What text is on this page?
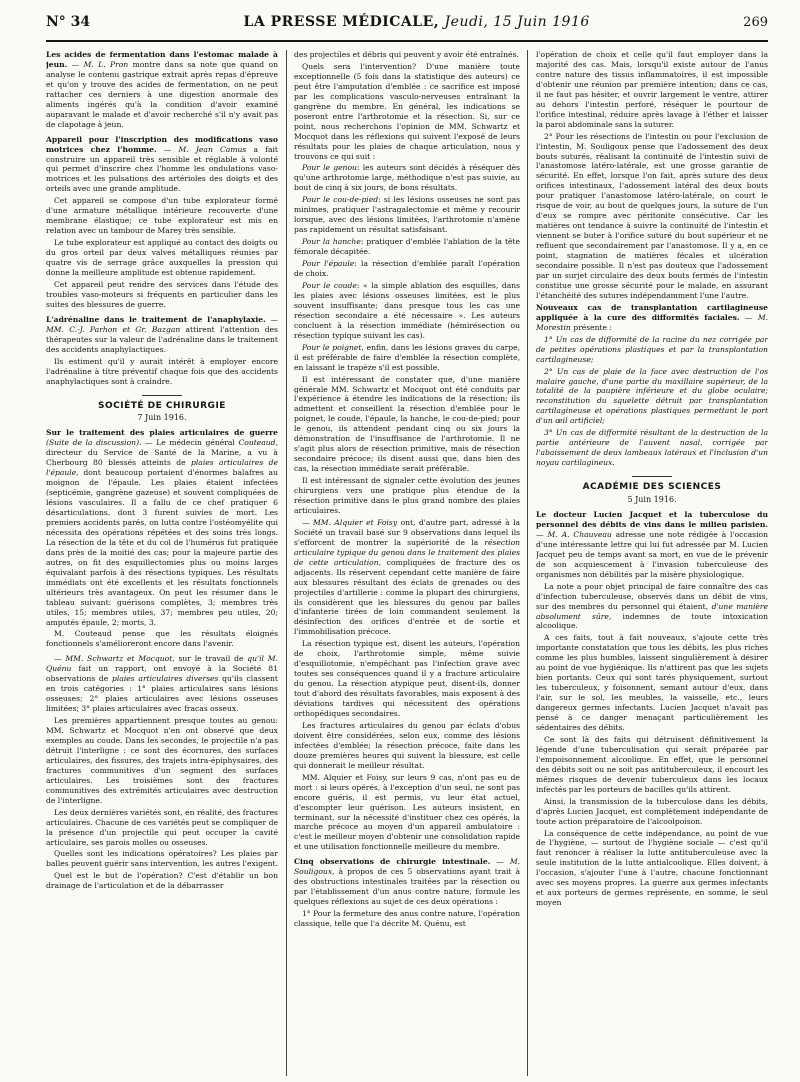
N° 34	LA PRESSE MÉDICALE, Jeudi, 15 Juin 1916	269

Les acides de fermentation dans l'estomac malade à jeun. — M. L. Pron montre dans sa note que quand on analyse le contenu gastrique extrait après repas d'épreuve et qu'on y trouve des acides de fermentation, on ne peut rattacher ces derniers à une digestion anormale des aliments ingérés qu'à la condition d'avoir examiné auparavant le malade et d'avoir recherché s'il n'y avait pas de clapotage à jeun.

Appareil pour l'inscription des modifications vaso motrices chez l'homme. — M. Jean Camus a fait construire un appareil très sensible et réglable à volonté qui permet d'inscrire chez l'homme les ondulations vaso-motrices et les pulsations des artérioles des doigts et des orteils avec une grande amplitude.

Cet appareil se compose d'un tube explorateur formé d'une armature métallique intérieure recouverte d'une membrane élastique; ce tube explorateur est mis en relation avec un tambour de Marey très sensible.

Le tube explorateur est appliqué au contact des doigts ou du gros orteil par deux valves métalliques réunies par quatre vis de serrage grâce auxquelles la pression qui donne la meilleure amplitude est obtenue rapidement.

Cet appareil peut rendre des services dans l'étude des troubles vaso-moteurs si fréquents en particulier dans les suites des blessures de guerre.

L'adrénaline dans le traitement de l'anaphylaxie. — MM. C.-J. Parhon et Gr. Bazgan attirent l'attention des thérapeutes sur la valeur de l'adrénaline dans le traitement des accidents anaphylactiques.

Ils estiment qu'il y aurait intérêt à employer encore l'adrénaline à titre préventif chaque fois que des accidents anaphylactiques sont à craindre.

SOCIÉTÉ DE CHIRURGIE
7 Juin 1916.

Sur le traitement des plaies articulaires de guerre (Suite de la discussion). — Le médecin général Couteaud, directeur du Service de Santé de la Marine, a vu à Cherbourg 80 blessés atteints de plaies articulaires de l'épaule, dont beaucoup portaient d'énormes balafres au moignon de l'épaule. Les plaies étaient infectées (septicémie, gangrène gazeuse) et souvent compliquées de lésions vasculaires. Il a fallu de ce chef pratiquer 6 désarticulations, dont 3 furent suivies de mort. Les premiers accidents parés, on lutta contre l'ostéomyélite qui nécessita des opérations répétées et des soins très longs. La résection de la tête et du col de l'humérus fut pratiquée dans près de la moitié des cas; pour la majeure partie des autres, on fit des esquillectomies plus ou moins larges équivalant parfois à des résections typiques. Les résultats immédiats ont été excellents et les résultats fonctionnels ultérieurs très avantageux. On peut les résumer dans le tableau suivant: guérisons complètes, 3; membres très utiles, 15; membres utiles, 37; membres peu utiles, 20; amputés épaule, 2; morts, 3.

M. Couteaud pense que les résultats éloignés fonctionnels s'amélioreront encore dans l'avenir.

— MM. Schwartz et Mocquot, sur le travail de qu'il M. Quénu fait un rapport, ont envoyé à la Société 81 observations de plaies articulaires diverses qu'ils classent en trois catégories : 1° plaies articulaires sans lésions osseuses; 2° plaies articulaires avec lésions osseuses limitées; 3° plaies articulaires avec fracas osseux.

Les premières appartiennent presque toutes au genou: MM. Schwartz et Mocquot n'en ont observé que deux exemples au coude. Dans les secondes, le projectile n'a pas détruit l'interligne : ce sont des écornures, des surfaces articulaires, des fissures, des trajets intra-épiphysaires, des fractures communitives d'un segment des surfaces articulaires. Les troisièmes sont des fractures communitives des extrémités articulaires avec destruction de l'interligne.

Les deux dernières variétés sont, en réalité, des fractures articulaires. Chacune de ces variétés peut se compliquer de la présence d'un projectile qui peut occuper la cavité articulaire, ses parois molles ou osseuses.

Quelles sont les indications opératoires? Les plaies par balles peuvent guérir sans intervention, les autres l'exigent.

Quel est le but de l'opération? C'est d'établir un bon drainage de l'articulation et de la débarrasser

des projectiles et débris qui peuvent y avoir été entraînés.

Quels sera l'intervention? D'une manière toute exceptionnelle (5 fois dans la statistique des auteurs) ce peut être l'amputation d'emblée : ce sacrifice est imposé par les complications vasculo-nerveuses entraînant la gangrène du membre. En général, les indications se poseront entre l'arthrotomie et la résection. Si, sur ce point, nous recherchons l'opinion de MM. Schwartz et Mocquot dans les réflexions qui suivent l'exposé de leurs résultats pour les plaies de chaque articulation, nous y trouvons ce qui suit :

Pour le genou: les auteurs sont décidés à réséquer dès qu'une arthrotomie large, méthodique n'est pas suivie, au bout de cinq à six jours, de bons résultats.

Pour le cou-de-pied: si les lésions osseuses ne sont pas minimes, pratiquer l'astragalectomie et même y recourir lorsque, avec des lésions limitées, l'arthrotomie n'amène pas rapidement un résultat satisfaisant.

Pour la hanche: pratiquer d'emblée l'ablation de la tête fémorale décapitée.

Pour l'épaule: la résection d'emblée paraît l'opération de choix.

Pour le coude: « la simple ablation des esquilles, dans les plaies avec lésions osseuses limitées, est le plus souvent insuffisante; dans presque tous les cas une résection secondaire a été nécessaire ». Les auteurs concluent à la résection immédiate (hémirésection ou résection typique suivant les cas).

Pour le poignet, enfin, dans les lésions graves du carpe, il est préférable de faire d'emblée la résection complète, en laissant le trapèze s'il est possible.

Il est intéressant de constater que, d'une manière générale MM. Schwartz et Mocquot ont été conduits par l'expérience à étendre les indications de la résection; ils admettent et conseillent la résection d'emblée pour le poignet, le coude, l'épaule, la hanche, le cou-de-pied; pour le genou, ils attendent pendant cinq ou six jours la démonstration de l'insuffisance de l'arthrotomie. Il ne s'agit plus alors de résection primitive, mais de résection secondaire précoce; ils disent aussi que, dans bien des cas, la résection immédiate serait préférable.

Il est intéressant de signaler cette évolution des jeunes chirurgiens vers une pratique plus étendue de la résection primitive dans le plus grand nombre des plaies articulaires.

— MM. Alquier et Foisy ont, d'autre part, adressé à la Société un travail basé sur 9 observations dans lequel ils s'efforcent de montrer la supériorité de la résection articulaire typique du genou dans le traitement des plaies de cette articulation, compliquées de fracture des os adjacents. Ils réservent cependant cette manière de faire aux blessures résultant des éclats de grenades ou des projectiles d'artillerie : comme la plupart des chirurgiens, ils considèrent que les blessures du genou par balles d'infanterie tirées de loin commandent seulement la désinfection des orifices d'entrée et de sortie et l'immobilisation précoce.

La résection typique est, disent les auteurs, l'opération de choix, l'arthrotomie simple, même suivie d'esquillotomie, n'empêchant pas l'infection grave avec toutes ses conséquences quand il y a fracture articulaire du genou. La résection atypique peut, disent-ils, donner tout d'abord des résultats favorables, mais exposent à des déviations tardives qui nécessitent des opérations orthopédiques secondaires.

Les fractures articulaires du genou par éclats d'obus doivent être considérées, selon eux, comme des lésions infectées d'emblée; la résection précoce, faite dans les douze premières heures qui suivent la blessure, est celle qui donnerait le meilleur résultat.

MM. Alquier et Foisy, sur leurs 9 cas, n'ont pas eu de mort : si leurs opérés, à l'exception d'un seul, ne sont pas encore guéris, il est permis, vu leur état actuel, d'escompter leur guérison. Les auteurs insistent, en terminant, sur la nécessité d'instituer chez ces opérés, la marche précoce au moyen d'un appareil ambulatoire : c'est le meilleur moyen d'obtenir une consolidation rapide et une utilisation fonctionnelle meilleure du membre.

Cinq observations de chirurgie intestinale. — M. Souligoux, à propos de ces 5 observations ayant trait à des obstructions intestinales traitées par la résection ou par l'établissement d'un anus contre nature, formule les quelques réflexions au sujet de ces deux opérations :

1° Pour la fermeture des anus contre nature, l'opération classique, telle que l'a décrite M. Quénu, est

l'opération de choix et celle qu'il faut employer dans la majorité des cas. Mais, lorsqu'il existe autour de l'anus contre nature des tissus inflammatoires, il est impossible d'obtenir une réunion par première intention; dans ce cas, il ne faut pas hésiter, et ouvrir largement le ventre, attirer au dehors l'intestin perforé, réséquer le pourtour de l'orifice intestinal, réduire après lavage à l'éther et laisser la paroi abdominale sans la suturer.

2° Pour les résections de l'intestin ou pour l'exclusion de l'intestin, M. Souligoux pense que l'adossement des deux bouts suturés, réalisant la continuité de l'intestin suivi de l'anastomose latéro-latérale, est une grosse garantie de sécurité. En effet, lorsque l'on fait, après suture des deux orifices intestinaux, l'adossement latéral des deux bouts pour pratiquer l'anastomose latéro-latérale, on court le risque de voir, au bout de quelques jours, la suture de l'un d'eux se rompre avec péritonite consécutive. Car les matières ont tendance à suivre la continuité de l'intestin et viennent se buter à l'orifice suturé du bout supérieur et ne refluent que secondairement par l'anastomose. Il y a, en ce point, stagnation de matières fécales et ulcération secondaire possible. Il n'est pas douteux que l'adossement par un surjet circulaire des deux bouts fermés de l'intestin constitue une grosse sécurité pour le malade, en assurant l'étanchéité des sutures indépendamment l'une l'autre.

Nouveaux cas de transplantation cartilagineuse appliquée à la cure des difformités faciales. — M. Morestin présente :

1° Un cas de difformité de la racine du nez corrigée par de petites opérations plastiques et par la transplantation cartilagineuse;

2° Un cas de plaie de la face avec destruction de l'os malaire gauche, d'une partie du maxillaire supérieur, de la totalité de la paupière inférieure et du globe oculaire; reconstitution du squelette détruit par transplantation cartilagineuse et opérations plastiques permettant le port d'un œil artificiel;

3° Un cas de difformité résultant de la destruction de la partie antérieure de l'auvent nasal, corrigée par l'abaissement de deux lambeaux latéraux et l'inclusion d'un noyau cartilagineux.

ACADÉMIE DES SCIENCES
5 Juin 1916.

Le docteur Lucien Jacquet et la tuberculose du personnel des débits de vins dans le milieu parisien. — M. A. Chauveau adresse une note rédigée à l'occasion d'une intéressante lettre qui lui fut adressée par M. Lucien Jacquet peu de temps avant sa mort, en vue de le prévenir de son acquiescement à l'invasion tuberculeuse des organismes non débilités par la misère physiologique.

La note a pour objet principal de faire connaître des cas d'infection tuberculeuse, observés dans un débit de vins, sur des membres du personnel qui étaient, d'une manière absolument sûre, indemnes de toute intoxication alcoolique.

A ces faits, tout à fait nouveaux, s'ajoute cette très importante constatation que tous les débits, les plus riches comme les plus humbles, laissent singulièrement à désirer au point de vue hygiénique. Ils n'attirent pas que les sujets bien portants. Ceux qui sont tarés physiquement, surtout les tuberculeux, y foisonnent, semant autour d'eux, dans l'air, sur le sol, les meubles, la vaisselle, etc., leurs dangereux germes infectants. Lucien Jacquet n'avait pas pensé à ce danger menaçant particulièrement les sédentaires des débits.

Ce sont là des faits qui détruisent définitivement la légende d'une tuberculisation qui serait préparée par l'empoisonnement alcoolique. En effet, que le personnel des débits soit ou ne soit pas antituberculeux, il encourt les mêmes risques de devenir tuberculeux dans les locaux infectés par les porteurs de bacilles qu'ils attirent.

Ainsi, la transmission de la tuberculose dans les débits, d'après Lucien Jacquet, est complètement indépendante de toute action préparatoire de l'alcoolpoison.

La conséquence de cette indépendance, au point de vue de l'hygiène, — surtout de l'hygiène sociale — c'est qu'il faut renoncer à réaliser la lutte antituberculeuse avec la seule institution de la lutte antialcoolique. Elles doivent, à l'occasion, s'ajouter l'une à l'autre, chacune fonctionnant avec ses moyens propres. La guerre aux germes infectants et aux porteurs de germes représente, en somme, le seul moyen
